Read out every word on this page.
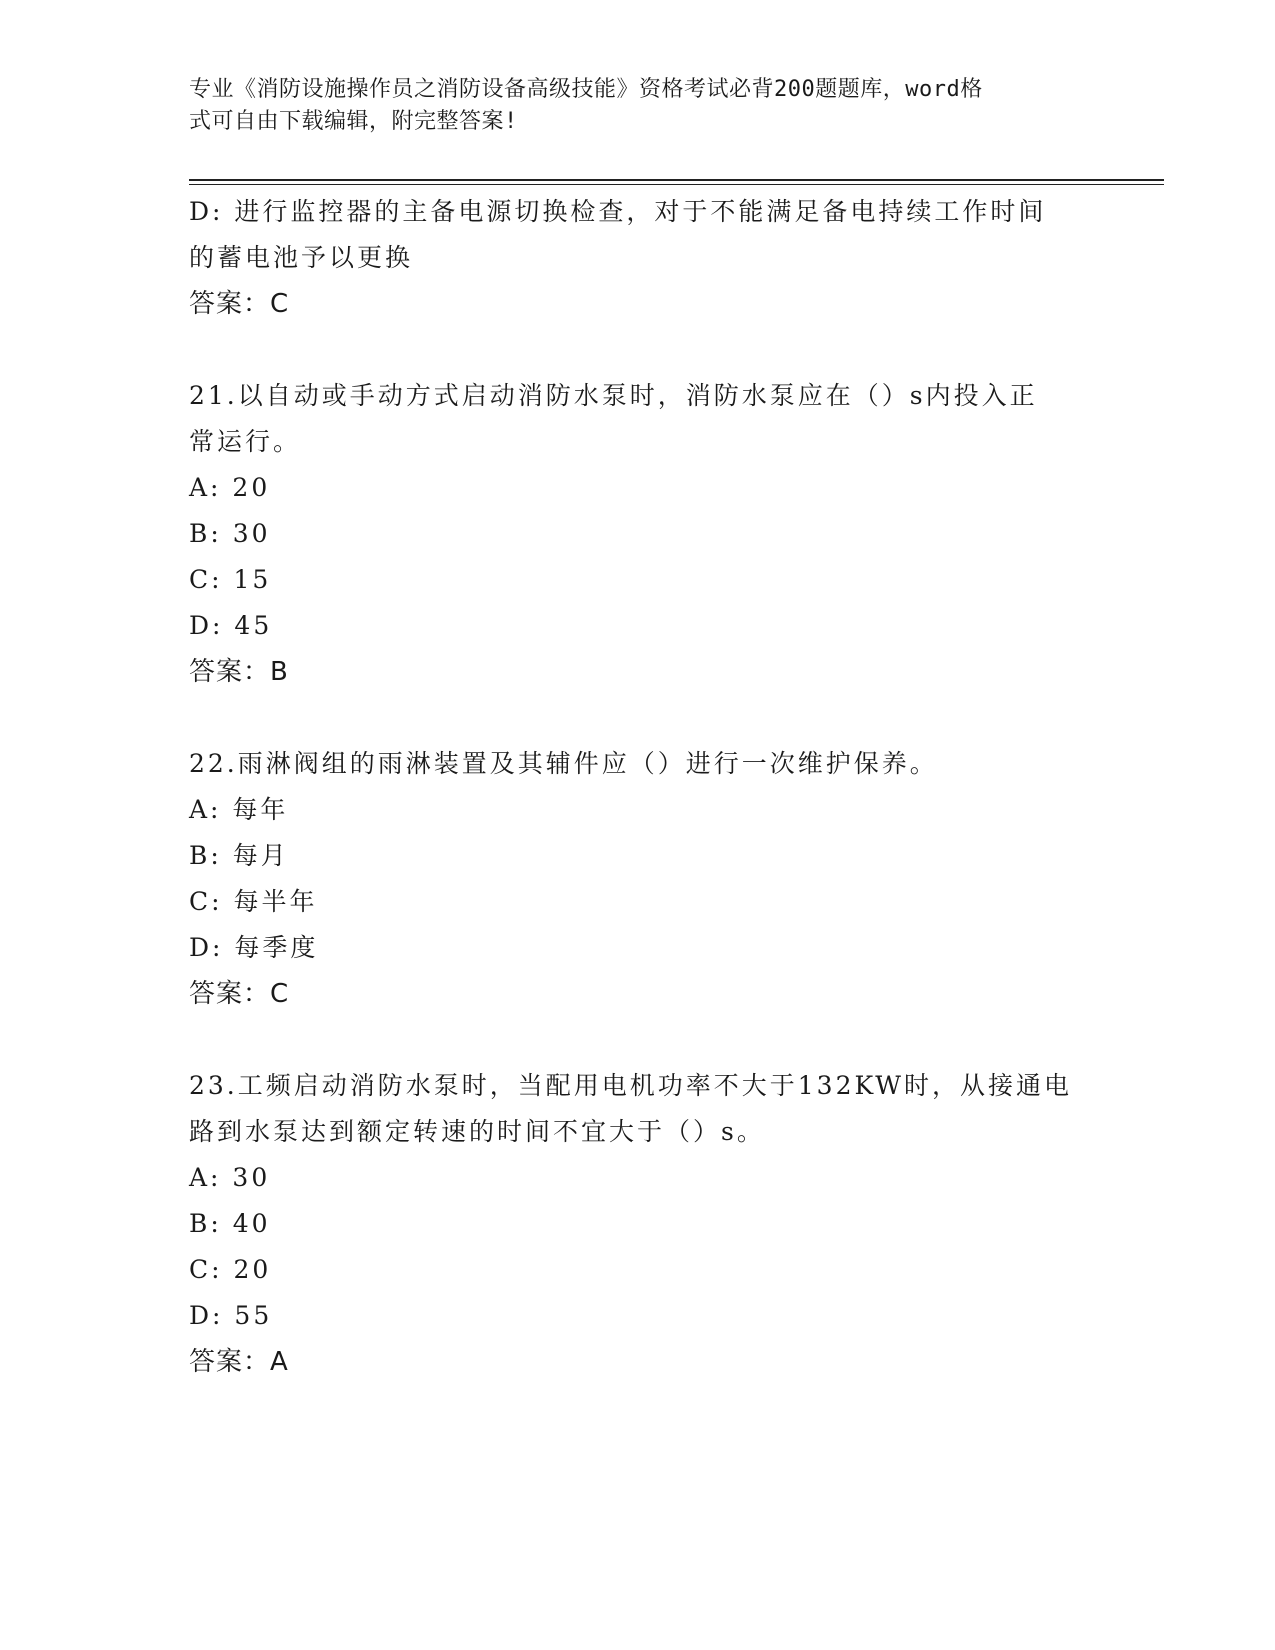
专业《消防设施操作员之消防设备高级技能》资格考试必背200题题库，word格
式可自由下载编辑，附完整答案!
D: 进行监控器的主备电源切换检查，对于不能满足备电持续工作时间
的蓄电池予以更换
答案：C
21.以自动或手动方式启动消防水泵时，消防水泵应在（）s内投入正
常运行。
A: 20
B: 30
C: 15
D: 45
答案：B
22.雨淋阀组的雨淋装置及其辅件应（）进行一次维护保养。
A: 每年
B: 每月
C: 每半年
D: 每季度
答案：C
23.工频启动消防水泵时，当配用电机功率不大于132KW时，从接通电
路到水泵达到额定转速的时间不宜大于（）s。
A: 30
B: 40
C: 20
D: 55
答案：A
